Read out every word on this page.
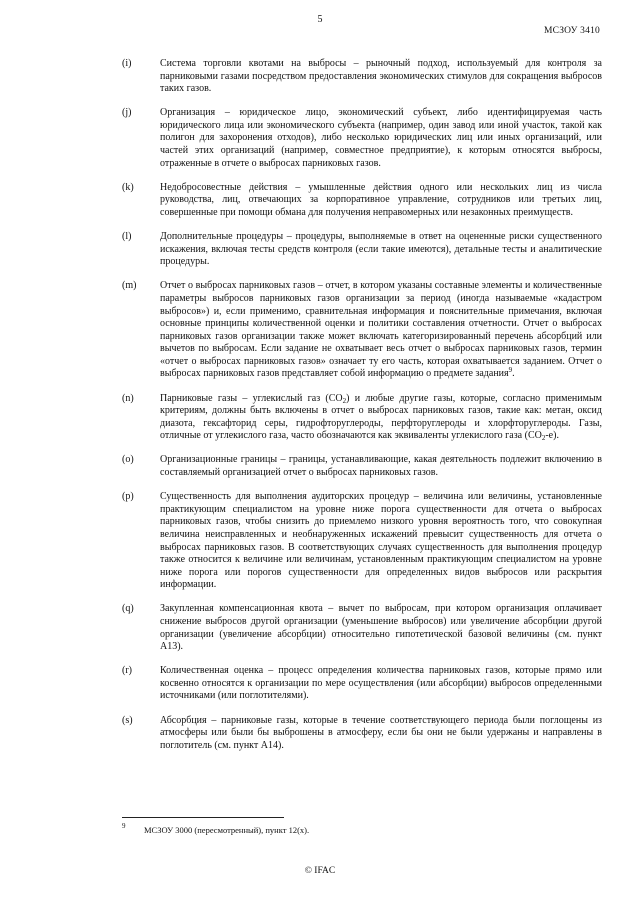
5
МСЗОУ 3410
(i)	Система торговли квотами на выбросы – рыночный подход, используемый для контроля за парниковыми газами посредством предоставления экономических стимулов для сокращения выбросов таких газов.
(j)	Организация – юридическое лицо, экономический субъект, либо идентифицируемая часть юридического лица или экономического субъекта (например, один завод или иной участок, такой как полигон для захоронения отходов), либо несколько юридических лиц или иных организаций, или частей этих организаций (например, совместное предприятие), к которым относятся выбросы, отраженные в отчете о выбросах парниковых газов.
(k)	Недобросовестные действия – умышленные действия одного или нескольких лиц из числа руководства, лиц, отвечающих за корпоративное управление, сотрудников или третьих лиц, совершенные при помощи обмана для получения неправомерных или незаконных преимуществ.
(l)	Дополнительные процедуры – процедуры, выполняемые в ответ на оцененные риски существенного искажения, включая тесты средств контроля (если такие имеются), детальные тесты и аналитические процедуры.
(m) Отчет о выбросах парниковых газов – отчет, в котором указаны составные элементы и количественные параметры выбросов парниковых газов организации за период (иногда называемые «кадастром выбросов») и, если применимо, сравнительная информация и пояснительные примечания, включая основные принципы количественной оценки и политики составления отчетности. Отчет о выбросах парниковых газов организации также может включать категоризированный перечень абсорбций или вычетов по выбросам. Если задание не охватывает весь отчет о выбросах парниковых газов, термин «отчет о выбросах парниковых газов» означает ту его часть, которая охватывается заданием. Отчет о выбросах парниковых газов представляет собой информацию о предмете задания$^9$.
(n)	Парниковые газы – углекислый газ $(CO_2)$ и любые другие газы, которые, согласно применимым критериям, должны быть включены в отчет о выбросах парниковых газов, такие как: метан, оксид диазота, гексафторид серы, гидрофторуглероды, перфторуглероды и хлорфторуглероды. Газы, отличные от углекислого газа, часто обозначаются как эквиваленты углекислого газа $(CO_2-е)$.
(o)	Организационные границы – границы, устанавливающие, какая деятельность подлежит включению в составляемый организацией отчет о выбросах парниковых газов.
(p)	Существенность для выполнения аудиторских процедур – величина или величины, установленные практикующим специалистом на уровне ниже порога существенности для отчета о выбросах парниковых газов, чтобы снизить до приемлемо низкого уровня вероятность того, что совокупная величина неисправленных и необнаруженных искажений превысит существенность для отчета о выбросах парниковых газов. В соответствующих случаях существенность для выполнения процедур также относится к величине или величинам, установленным практикующим специалистом на уровне ниже порога или порогов существенности для определенных видов выбросов или раскрытия информации.
(q)	Закупленная компенсационная квота – вычет по выбросам, при котором организация оплачивает снижение выбросов другой организации (уменьшение выбросов) или увеличение абсорбции другой организации (увеличение абсорбции) относительно гипотетической базовой величины (см. пункт А13).
(r)	Количественная оценка – процесс определения количества парниковых газов, которые прямо или косвенно относятся к организации по мере осуществления (или абсорбции) выбросов определенными источниками (или поглотителями).
(s)	Абсорбция – парниковые газы, которые в течение соответствующего периода были поглощены из атмосферы или были бы выброшены в атмосферу, если бы они не были удержаны и направлены в поглотитель (см. пункт А14).
9 МСЗОУ 3000 (пересмотренный), пункт 12(x).
© IFAC
